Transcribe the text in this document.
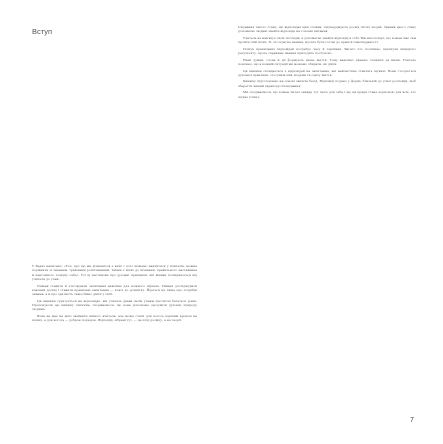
Вступ

У Ведах написано: «Усе, про що ми дізнаємося з книг і чого можемо навчитися у вчителів, можна порівняти зі знанням, трав'яним розпізнанням. Таким є шлях до пізнання, правильного наставника й невтомного пошуку себе». Усі ці настанови про духовні принципи, які віками поширюються від учителя до учня.

Уміння ставити й з'ясовувати запитання важливе для кожного шукача. Уміння досліджувати власний досвід і ставити правильні запитання — ключ до розвитку. Йдеться не лише про потрібні знання, а й про здатність самостійно діяти у світі.

Ця книжка ґрунтується на відповідях, які учитель давав своїм учням протягом багатьох років. Пропонуючи цю книжку читачам, сподіваємося, що вона допоможе зрозуміти духовну природу людини.

Вона не має на меті замінити живого вчителя, але може стати для когось першим кроком на шляху, а для когось — доброю порадою. Відповіді, зібрані тут, — це плід досвіду, а не теорії.

Існування такого стану, що відповідає цим словам, підтверджують досвід тисяч людей. Знання цього стану допомагає людині знайти відповідь на головні питання.

Учитель не нав'язує своїх поглядів, а допомагає знайти відповіді в собі. Він наголошує, що кожен має сам пройти свій шлях. Ті, хто прагне знання, мусять бути готові до праці й самовідданості.

Пошук правильних відповідей потребує часу й терпіння. Багато хто поспішає, прагнучи швидкого результату, проте справжнє знання приходить поступово.

Наші думки, слова й дії формують наше життя. Тому важливо уважно стежити за ними. Учитель пояснює, що в кожній ситуації ми можемо обирати, як діяти.

Ця книжка складається з відповідей на запитання, які найчастіше ставлять шукачі. Вони стосуються духовної практики, стосунків між людьми та сенсу життя.

Книжку підготовлено на основі записів бесід. Відповіді подано у формі, близькій до усної розповіді, щоб зберегти живий характер спілкування.

Ми сподіваємося, що кожен читач знайде тут щось для себе і що ця праця стане корисною для всіх, хто шукає істину.

7
